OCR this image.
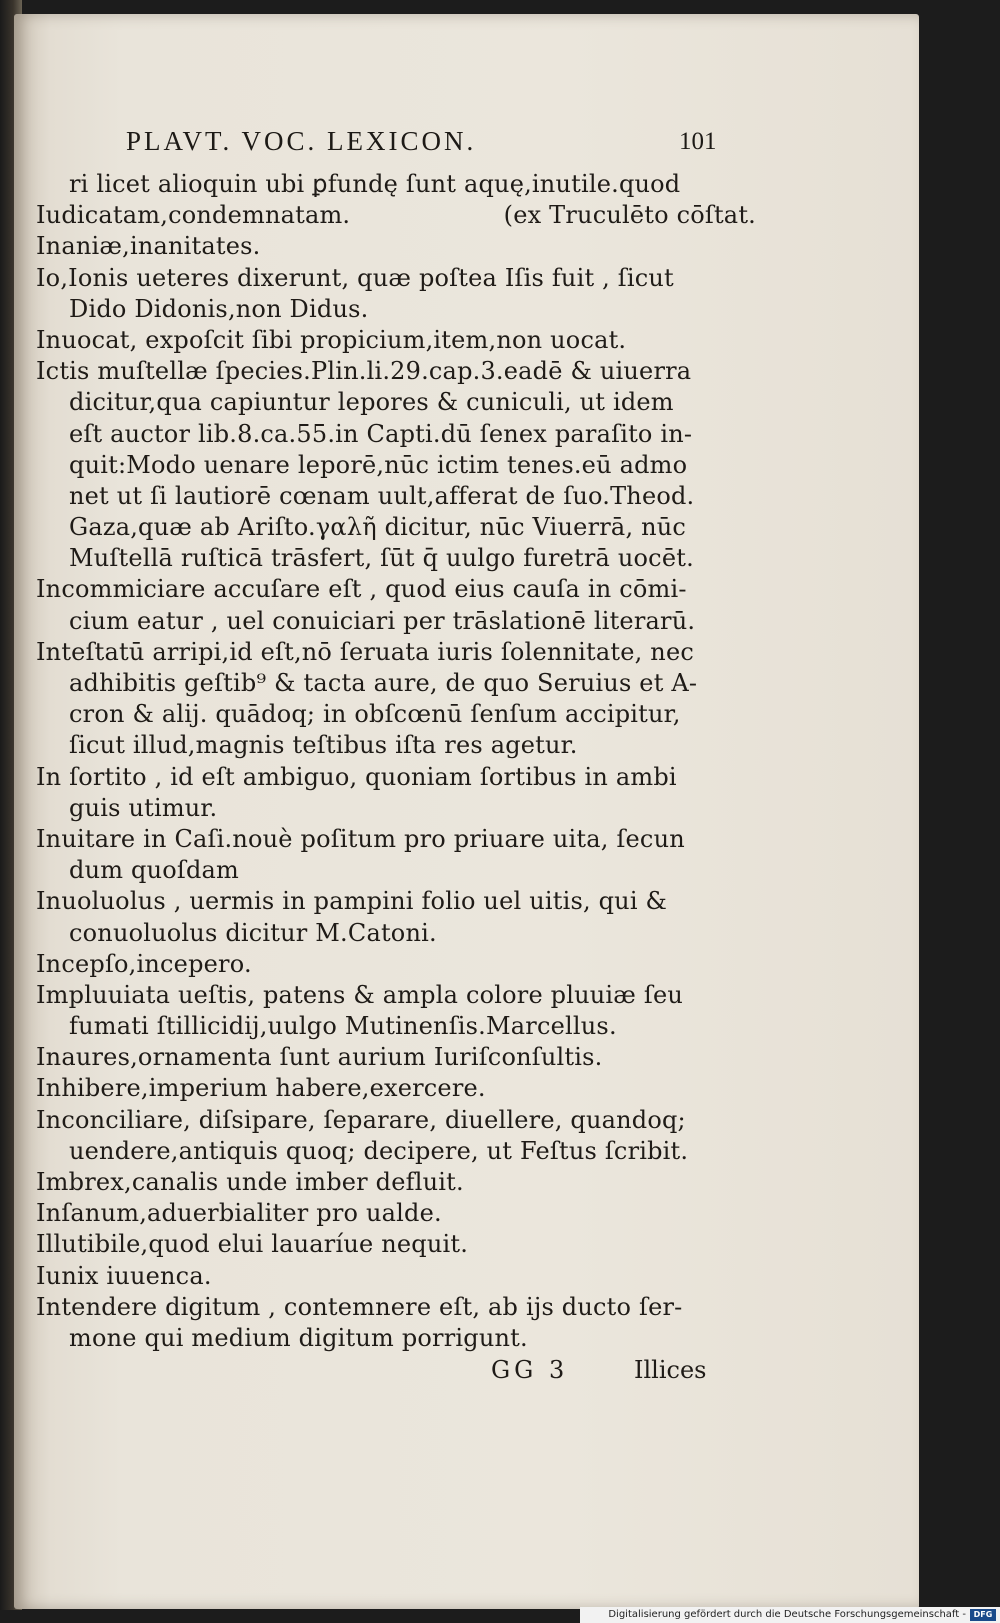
PLAVT. VOC. LEXICON.	101
ri licet alioquin ubi ꝑfundę ſunt aquę,inutile.quod
Iudicatam,condemnatam.	(ex Truculēto cōſtat.
Inaniæ,inanitates.
Io,Ionis ueteres dixerunt, quæ poſtea Iſis fuit , ſicut
Dido Didonis,non Didus.
Inuocat, expoſcit ſibi propicium,item,non uocat.
Ictis muſtellæ ſpecies.Plin.li.29.cap.3.eadē & uiuerra
dicitur,qua capiuntur lepores & cuniculi, ut idem
eſt auctor lib.8.ca.55.in Capti.dū ſenex paraſito in-
quit:Modo uenare leporē,nūc ictim tenes.eū admo
net ut ſi lautiorē cœnam uult,afferat de ſuo.Theod.
Gaza,quæ ab Ariſto.γαλῆ dicitur, nūc Viuerrā, nūc
Muſtellā ruſticā trāsfert, ſūt q̄ uulgo furetrā uocēt.
Incommiciare accuſare eſt , quod eius cauſa in cōmi-
cium eatur , uel conuiciari per trāslationē literarū.
Inteſtatū arripi,id eſt,nō ſeruata iuris ſolennitate, nec
adhibitis geſtib⁹ & tacta aure, de quo Seruius et A-
cron & alij. quādoq; in obſcœnū ſenſum accipitur,
ſicut illud,magnis teſtibus iſta res agetur.
In ſortito , id eſt ambiguo, quoniam ſortibus in ambi
guis utimur.
Inuitare in Caſi.nouè poſitum pro priuare uita, ſecun
dum quoſdam
Inuoluolus , uermis in pampini folio uel uitis, qui &
conuoluolus dicitur M.Catoni.
Incepſo,incepero.
Impluuiata ueſtis, patens & ampla colore pluuiæ ſeu
fumati ſtillicidij,uulgo Mutinenſis.Marcellus.
Inaures,ornamenta ſunt aurium Iuriſconſultis.
Inhibere,imperium habere,exercere.
Inconciliare, diſsipare, ſeparare, diuellere, quandoq;
uendere,antiquis quoq; decipere, ut Feſtus ſcribit.
Imbrex,canalis unde imber defluit.
Inſanum,aduerbialiter pro ualde.
Illutibile,quod elui lauaríue nequit.
Iunix iuuenca.
Intendere digitum , contemnere eſt, ab ijs ducto ſer-
mone qui medium digitum porrigunt.
GG 3	Illices
Digitalisierung gefördert durch die Deutsche Forschungsgemeinschaft - DFG
